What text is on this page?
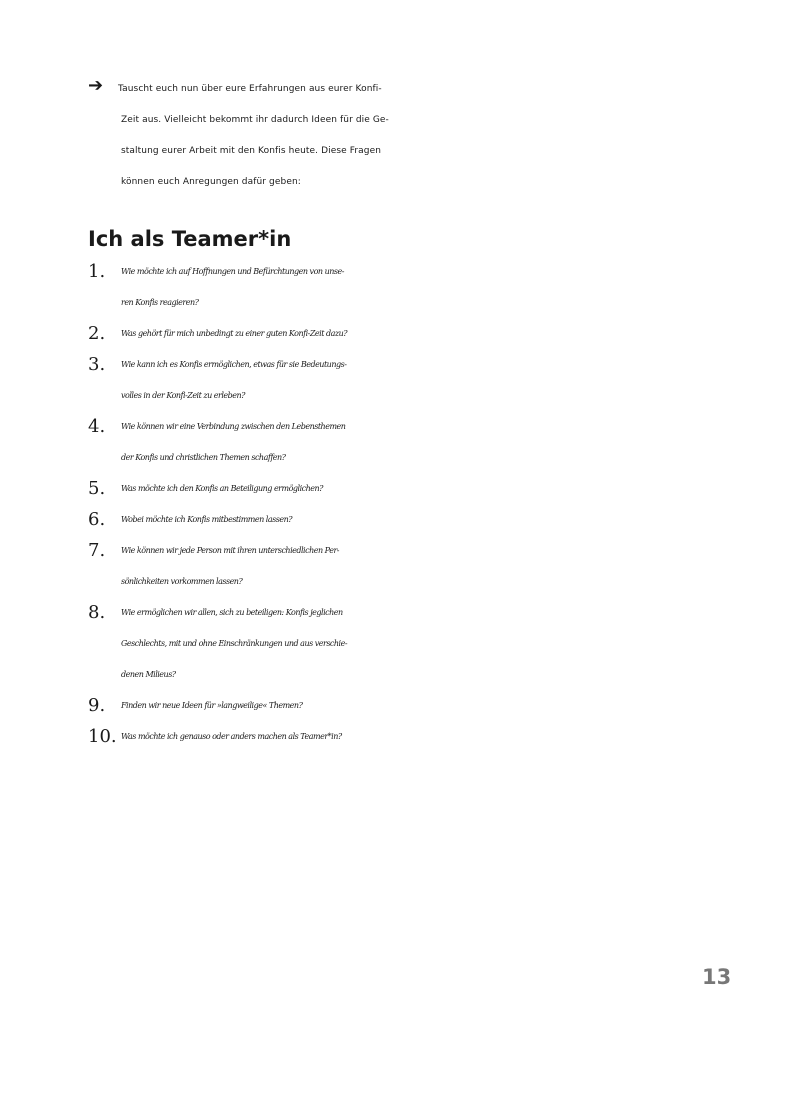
➔ Tauscht euch nun über eure Erfahrungen aus eurer Konfi-
Zeit aus. Vielleicht bekommt ihr dadurch Ideen für die Ge-
staltung eurer Arbeit mit den Konfis heute. Diese Fragen
können euch Anregungen dafür geben:
Ich als Teamer*in
1. Wie möchte ich auf Hoffnungen und Befürchtungen von unse-
ren Konfis reagieren?
2. Was gehört für mich unbedingt zu einer guten Konfi-Zeit dazu?
3. Wie kann ich es Konfis ermöglichen, etwas für sie Bedeutungs-
volles in der Konfi-Zeit zu erleben?
4. Wie können wir eine Verbindung zwischen den Lebensthemen
der Konfis und christlichen Themen schaffen?
5. Was möchte ich den Konfis an Beteiligung ermöglichen?
6. Wobei möchte ich Konfis mitbestimmen lassen?
7. Wie können wir jede Person mit ihren unterschiedlichen Per-
sönlichkeiten vorkommen lassen?
8. Wie ermöglichen wir allen, sich zu beteiligen: Konfis jeglichen
Geschlechts, mit und ohne Einschränkungen und aus verschie-
denen Milieus?
9. Finden wir neue Ideen für »langweilige« Themen?
10. Was möchte ich genauso oder anders machen als Teamer*in?
13
